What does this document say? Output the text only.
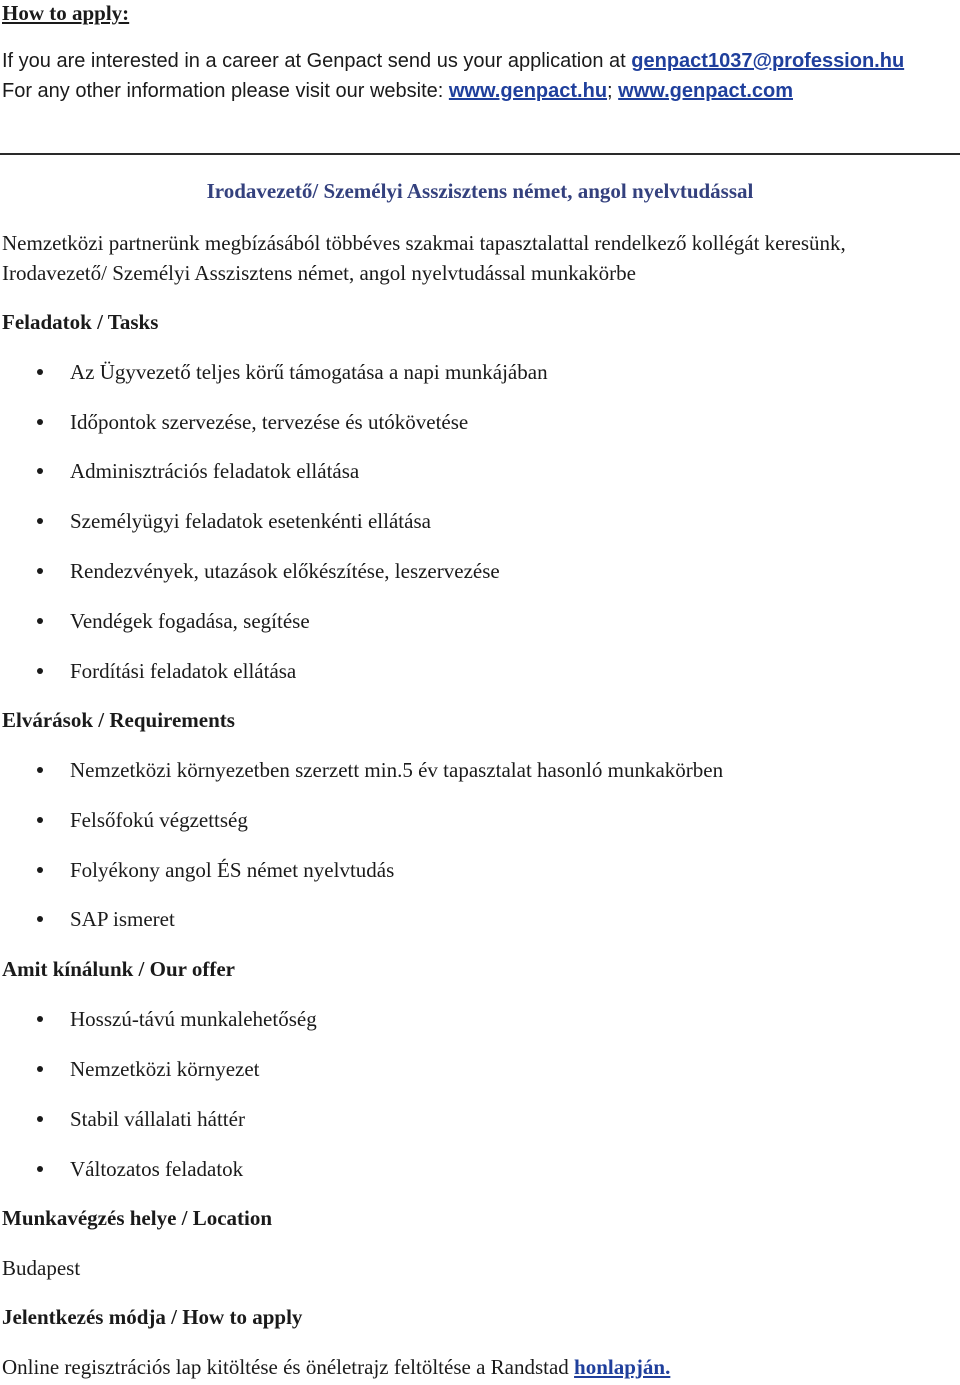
How to apply:
If you are interested in a career at Genpact send us your application at genpact1037@profession.hu
For any other information please visit our website: www.genpact.hu; www.genpact.com
Irodavezető/ Személyi Asszisztens német, angol nyelvtudással
Nemzetközi partnerünk megbízásából többéves szakmai tapasztalattal rendelkező kollégát keresünk,
Irodavezető/ Személyi Asszisztens német, angol nyelvtudással munkakörbe
Feladatok / Tasks
Az Ügyvezető teljes körű támogatása a napi munkájában
Időpontok szervezése, tervezése és utókövetése
Adminisztrációs feladatok ellátása
Személyügyi feladatok esetenkénti ellátása
Rendezvények, utazások előkészítése, leszervezése
Vendégek fogadása, segítése
Fordítási feladatok ellátása
Elvárások / Requirements
Nemzetközi környezetben szerzett min.5 év tapasztalat hasonló munkakörben
Felsőfokú végzettség
Folyékony angol ÉS német nyelvtudás
SAP ismeret
Amit kínálunk / Our offer
Hosszú-távú munkalehetőség
Nemzetközi környezet
Stabil vállalati háttér
Változatos feladatok
Munkavégzés helye / Location
Budapest
Jelentkezés módja / How to apply
Online regisztrációs lap kitöltése és önéletrajz feltöltése a Randstad honlapján.
